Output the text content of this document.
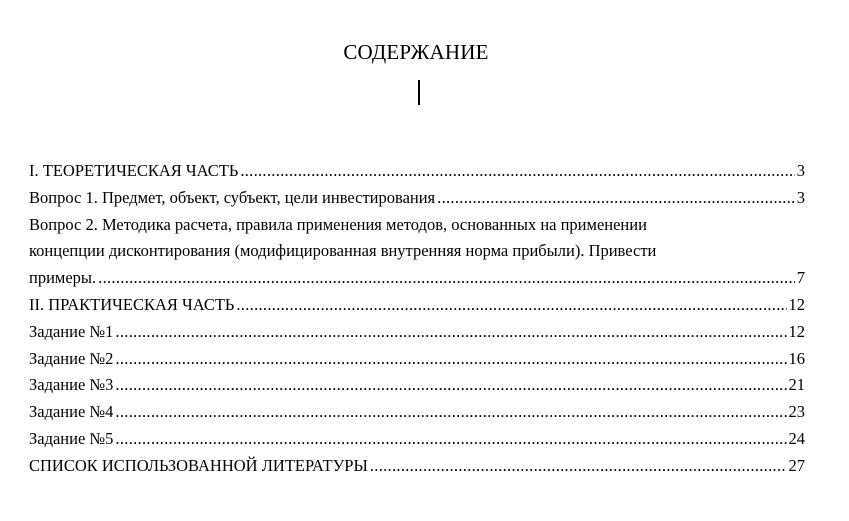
СОДЕРЖАНИЕ
I. ТЕОРЕТИЧЕСКАЯ ЧАСТЬ .....	3
Вопрос 1. Предмет, объект, субъект, цели инвестирования .....	3
Вопрос 2. Методика расчета, правила применения методов, основанных на применении
концепции дисконтирования (модифицированная внутренняя норма прибыли). Привести
примеры. .....	7
II. ПРАКТИЧЕСКАЯ ЧАСТЬ .....	12
Задание №1 .....	12
Задание №2 .....	16
Задание №3 .....	21
Задание №4 .....	23
Задание №5 .....	24
СПИСОК ИСПОЛЬЗОВАННОЙ ЛИТЕРАТУРЫ .....	27
